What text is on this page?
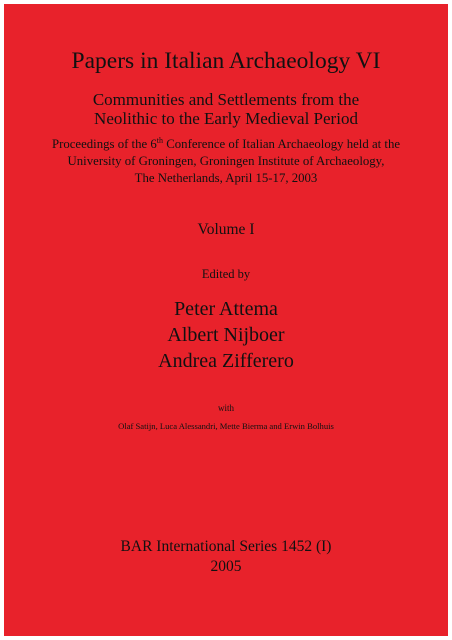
Papers in Italian Archaeology VI

Communities and Settlements from the

Neolithic to the Early Medieval Period

Proceedings of the 6th Conference of Italian Archaeology held at the

University of Groningen, Groningen Institute of Archaeology,

The Netherlands, April 15-17, 2003

Volume I

Edited by

Peter Attema

Albert Nijboer

Andrea Zifferero

with

Olaf Satijn, Luca Alessandri, Mette Bierma and Erwin Bolhuis

BAR International Series 1452 (I)

2005
